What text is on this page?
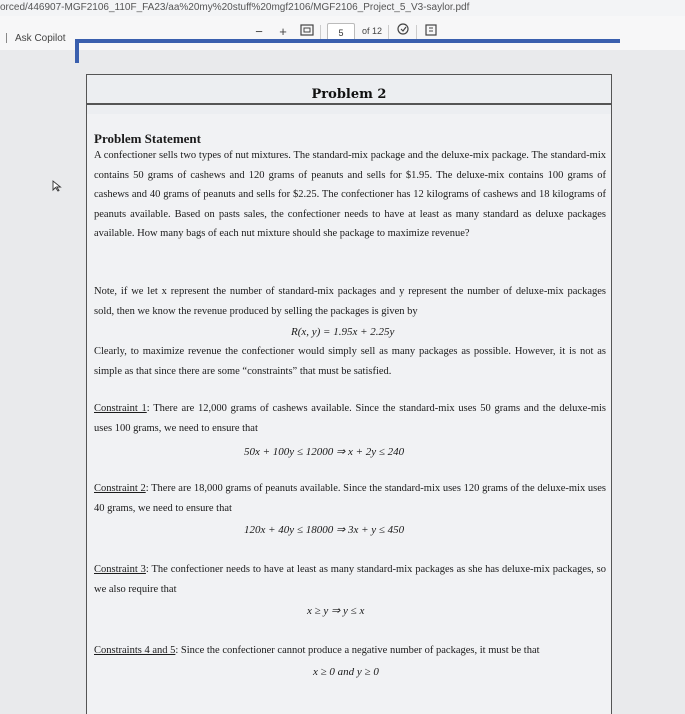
orced/446907-MGF2106_110F_FA23/aa%20my%20stuff%20mgf2106/MGF2106_Project_5_V3-saylor.pdf
Ask Copilot	−	+	5	of 12
Problem 2
Problem Statement
A confectioner sells two types of nut mixtures. The standard-mix package and the deluxe-mix package. The standard-mix contains 50 grams of cashews and 120 grams of peanuts and sells for $1.95. The deluxe-mix contains 100 grams of cashews and 40 grams of peanuts and sells for $2.25. The confectioner has 12 kilograms of cashews and 18 kilograms of peanuts available. Based on pasts sales, the confectioner needs to have at least as many standard as deluxe packages available. How many bags of each nut mixture should she package to maximize revenue?
Note, if we let x represent the number of standard-mix packages and y represent the number of deluxe-mix packages sold, then we know the revenue produced by selling the packages is given by
R(x, y) = 1.95x + 2.25y
Clearly, to maximize revenue the confectioner would simply sell as many packages as possible. However, it is not as simple as that since there are some “constraints” that must be satisfied.
Constraint 1: There are 12,000 grams of cashews available. Since the standard-mix uses 50 grams and the deluxe-mis uses 100 grams, we need to ensure that
50x + 100y ≤ 12000 ⇒ x + 2y ≤ 240
Constraint 2: There are 18,000 grams of peanuts available. Since the standard-mix uses 120 grams of the deluxe-mix uses 40 grams, we need to ensure that
120x + 40y ≤ 18000 ⇒ 3x + y ≤ 450
Constraint 3: The confectioner needs to have at least as many standard-mix packages as she has deluxe-mix packages, so we also require that
x ≥ y ⇒ y ≤ x
Constraints 4 and 5: Since the confectioner cannot produce a negative number of packages, it must be that
x ≥ 0 and y ≥ 0
